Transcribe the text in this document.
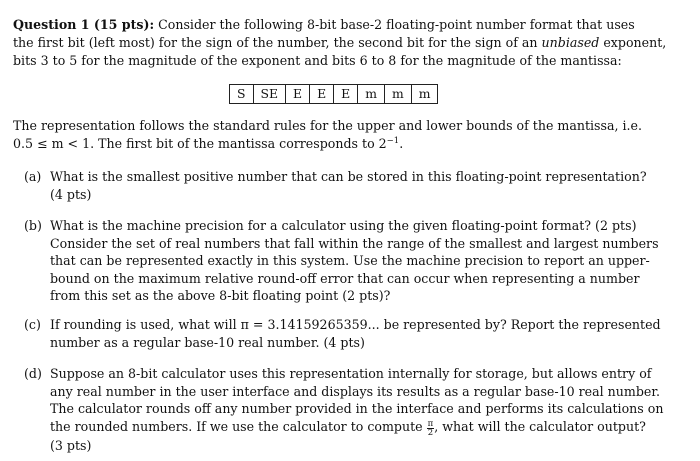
Question 1 (15 pts): Consider the following 8-bit base-2 floating-point number format that uses
the first bit (left most) for the sign of the number, the second bit for the sign of an unbiased exponent,
bits 3 to 5 for the magnitude of the exponent and bits 6 to 8 for the magnitude of the mantissa:
S	SE	E	E	E	m	m	m
The representation follows the standard rules for the upper and lower bounds of the mantissa, i.e.
0.5 ≤ m < 1. The first bit of the mantissa corresponds to $2^{-1}$.
(a) What is the smallest positive number that can be stored in this floating-point representation?
(4 pts)
(b) What is the machine precision for a calculator using the given floating-point format? (2 pts)
Consider the set of real numbers that fall within the range of the smallest and largest numbers
that can be represented exactly in this system. Use the machine precision to report an upper-
bound on the maximum relative round-off error that can occur when representing a number
from this set as the above 8-bit floating point (2 pts)?
(c) If rounding is used, what will π = 3.14159265359... be represented by? Report the represented
number as a regular base-10 real number. (4 pts)
(d) Suppose an 8-bit calculator uses this representation internally for storage, but allows entry of
any real number in the user interface and displays its results as a regular base-10 real number.
The calculator rounds off any number provided in the interface and performs its calculations on
the rounded numbers. If we use the calculator to compute $\frac{\pi}{2}$ , what will the calculator output?
(3 pts)
